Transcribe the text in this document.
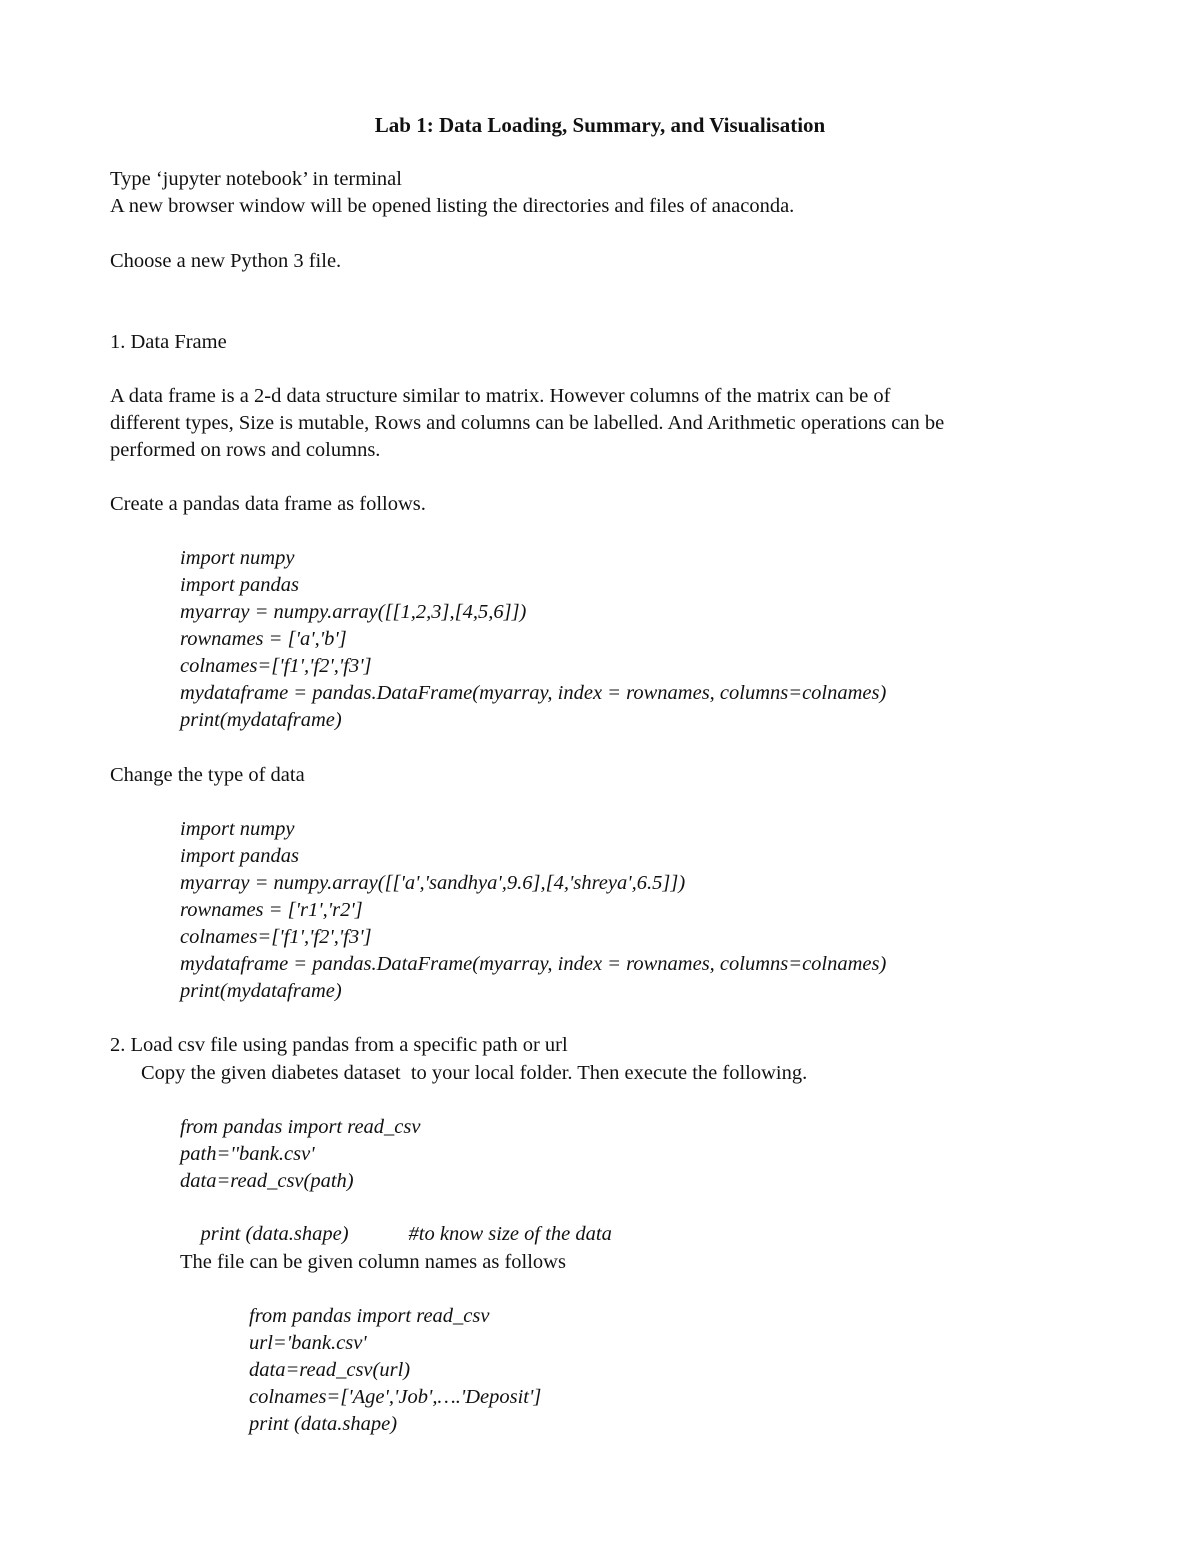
Lab 1: Data Loading, Summary, and Visualisation
Type ‘jupyter notebook’ in terminal
A new browser window will be opened listing the directories and files of anaconda.
Choose a new Python 3 file.
1. Data Frame
A data frame is a 2-d data structure similar to matrix. However columns of the matrix can be of
different types, Size is mutable, Rows and columns can be labelled. And Arithmetic operations can be
performed on rows and columns.
Create a pandas data frame as follows.
import numpy
import pandas
myarray = numpy.array([[1,2,3],[4,5,6]])
rownames = ['a','b']
colnames=['f1','f2','f3']
mydataframe = pandas.DataFrame(myarray, index = rownames, columns=colnames)
print(mydataframe)
Change the type of data
import numpy
import pandas
myarray = numpy.array([['a','sandhya',9.6],[4,'shreya',6.5]])
rownames = ['r1','r2']
colnames=['f1','f2','f3']
mydataframe = pandas.DataFrame(myarray, index = rownames, columns=colnames)
print(mydataframe)
2. Load csv file using pandas from a specific path or url
Copy the given diabetes dataset  to your local folder. Then execute the following.
from pandas import read_csv
path=''bank.csv'
data=read_csv(path)

print (data.shape)	#to know size of the data

The file can be given column names as follows
from pandas import read_csv
url='bank.csv'
data=read_csv(url)
colnames=['Age','Job',….'Deposit']
print (data.shape)
